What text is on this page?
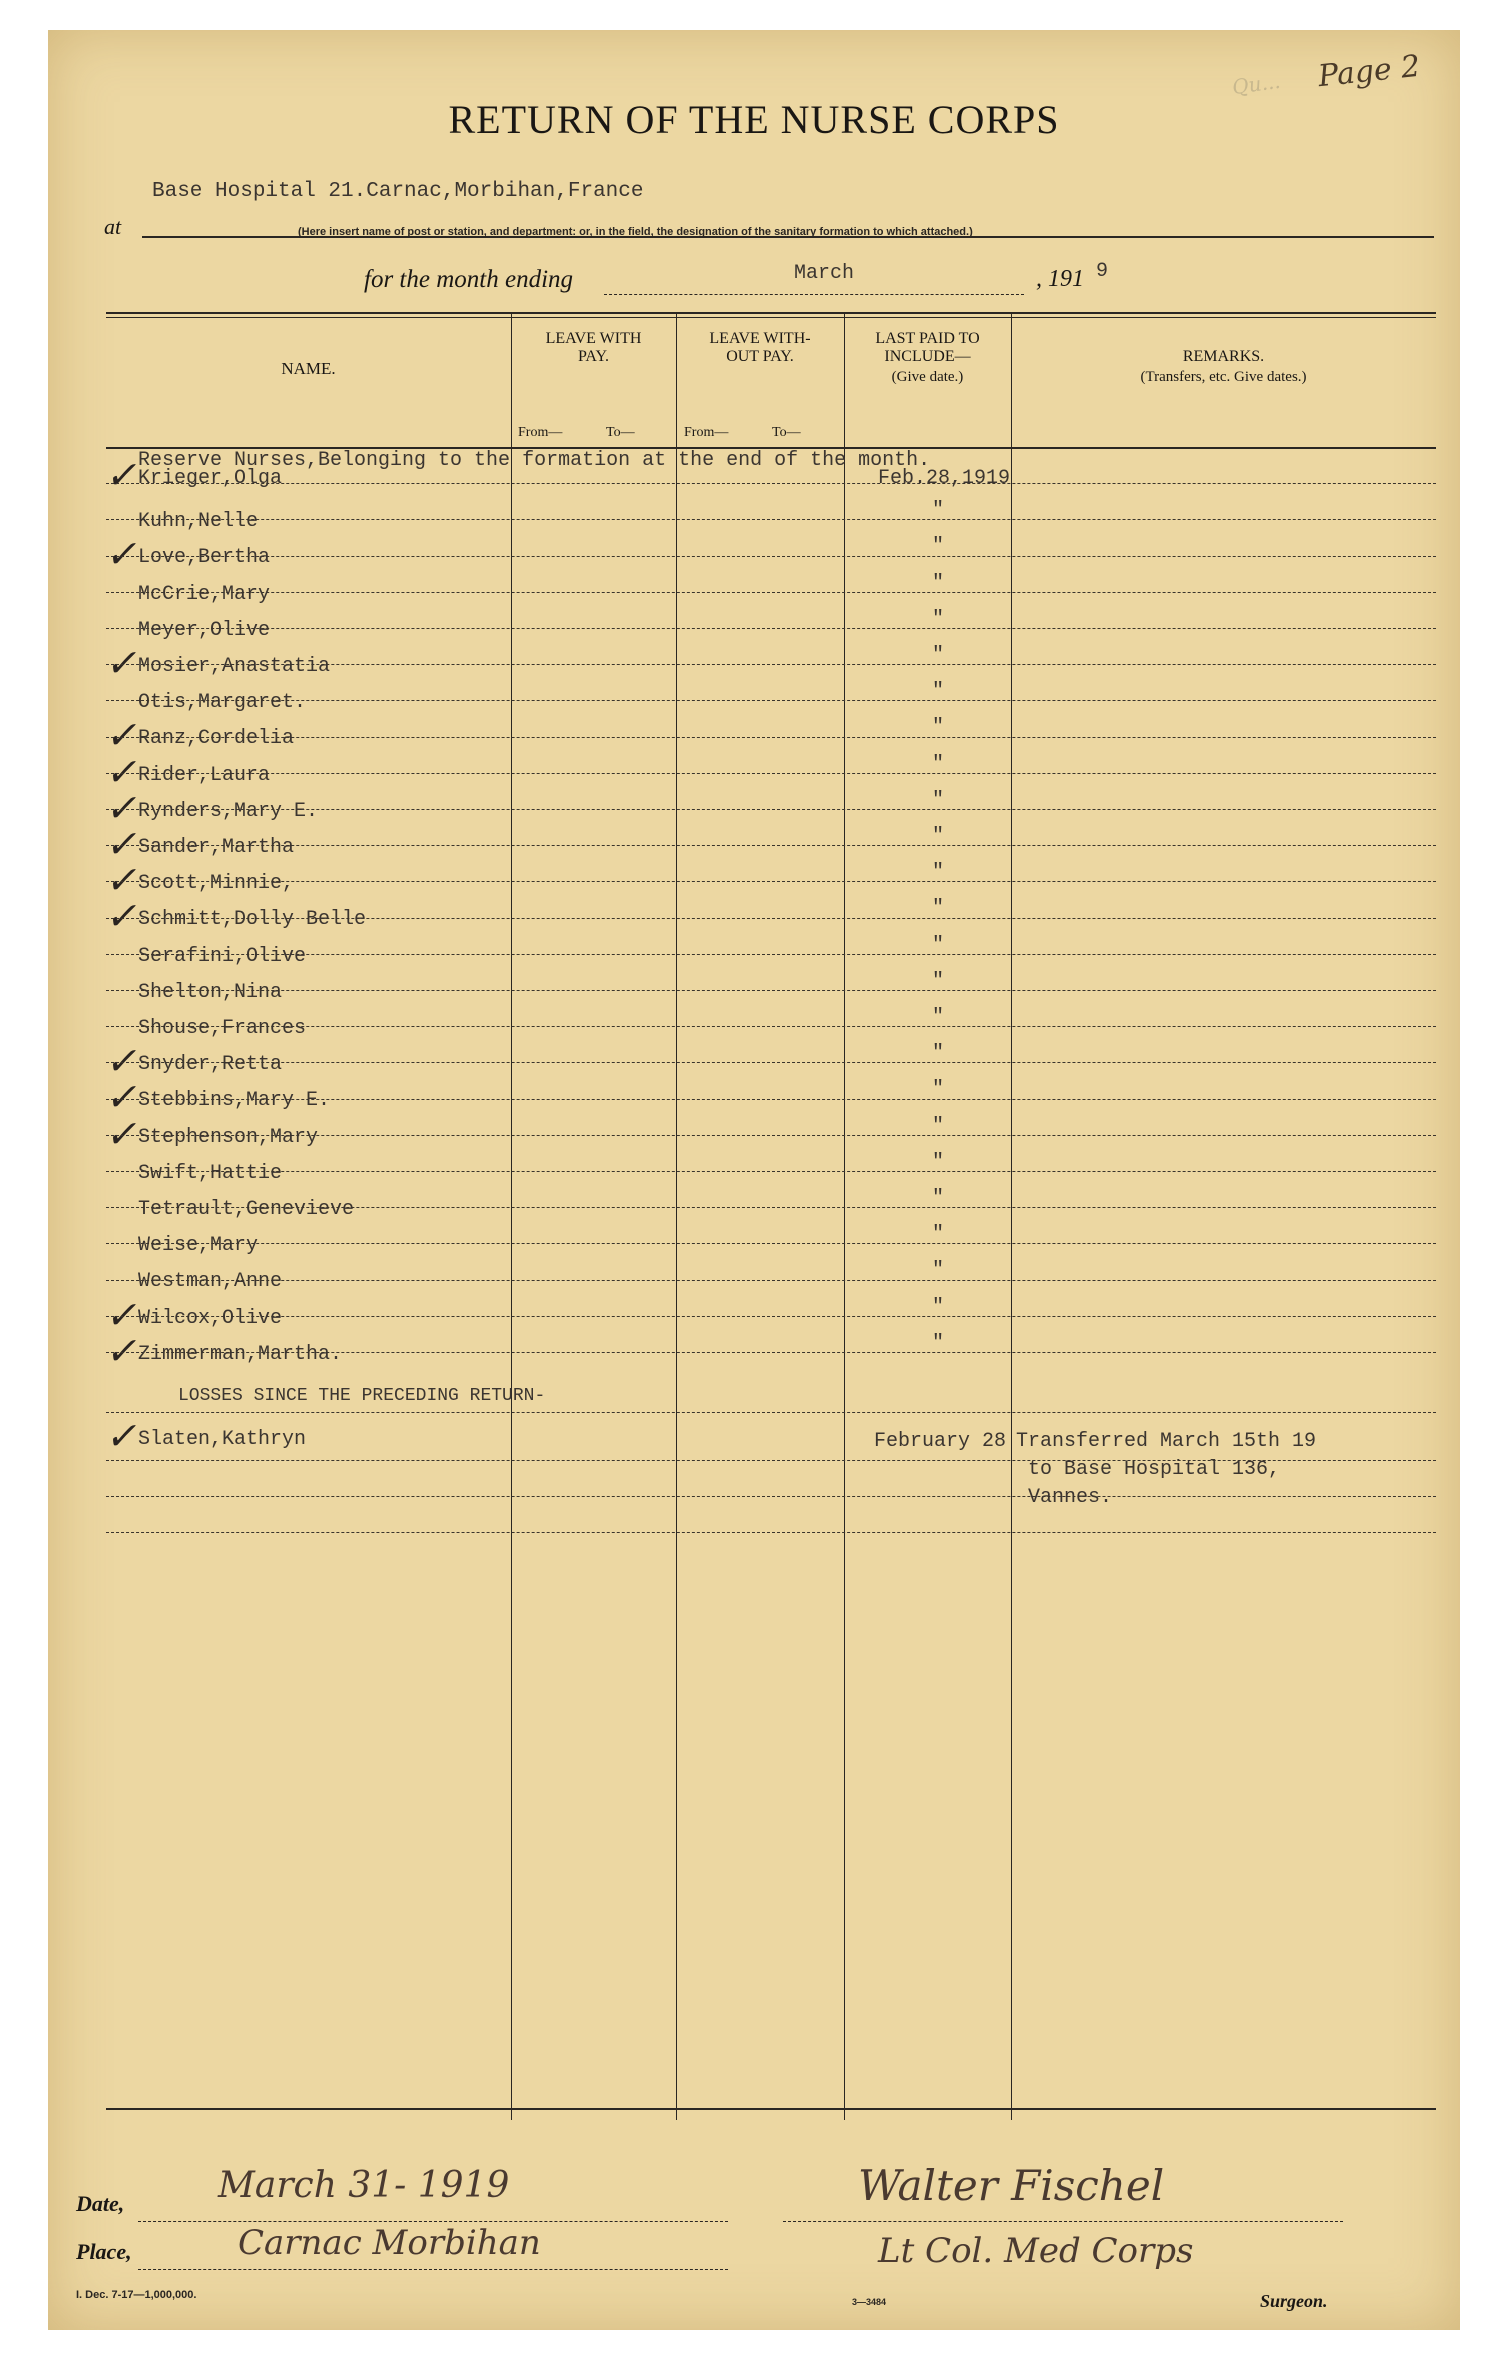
Qu... Page 2
RETURN OF THE NURSE CORPS
Base Hospital 21.Carnac,Morbihan,France
at	(Here insert name of post or station, and department: or, in the field, the designation of the sanitary formation to which attached.)
for the month ending	March	, 191 9
NAME.
LEAVE WITH PAY.
LEAVE WITH-OUT PAY.
From—	To—	From—	To—
LAST PAID TO INCLUDE—
(Give date.)
REMARKS.
(Transfers, etc. Give dates.)
Reserve Nurses,Belonging to the formation at the end of the month.
Krieger,Olga	Feb.28,1919
✓
Kuhn,Nelle	"
Love,Bertha	"
✓
McCrie,Mary	"
Meyer,Olive	"
Mosier,Anastatia	"
✓
Otis,Margaret.	"
Ranz,Cordelia	"
✓
Rider,Laura	"
✓
Rynders,Mary E.	"
✓
Sander,Martha	"
✓
Scott,Minnie,	"
✓
Schmitt,Dolly Belle	"
✓
Serafini,Olive	"
Shelton,Nina	"
Shouse,Frances	"
Snyder,Retta	"
✓
Stebbins,Mary E.	"
✓
Stephenson,Mary	"
✓
Swift,Hattie	"
Tetrault,Genevieve	"
Weise,Mary	"
Westman,Anne	"
Wilcox,Olive	"
✓
Zimmerman,Martha.	"
✓
LOSSES SINCE THE PRECEDING RETURN-
Slaten,Kathryn	February 28 Transferred March 15th 19
to Base Hospital 136,
Vannes.
✓
Date,	March 31- 1919
Place,	Carnac Morbihan
Walter Fischel
Lt Col. Med Corps
I. Dec. 7-17—1,000,000.
3—3484	Surgeon.
